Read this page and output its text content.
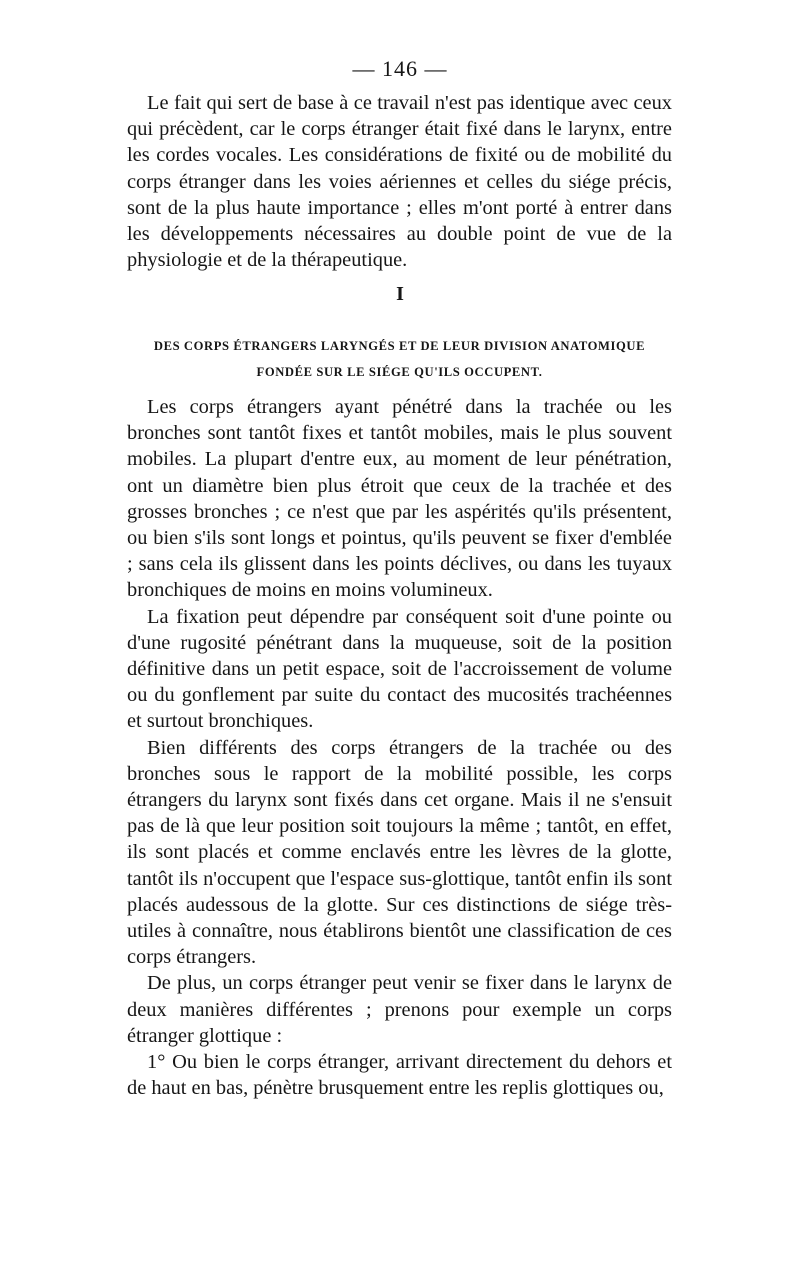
— 146 —

Le fait qui sert de base à ce travail n'est pas identique avec ceux qui précèdent, car le corps étranger était fixé dans le larynx, entre les cordes vocales. Les considérations de fixité ou de mobilité du corps étranger dans les voies aériennes et celles du siége précis, sont de la plus haute importance ; elles m'ont porté à entrer dans les développements nécessaires au double point de vue de la physiologie et de la thérapeutique.

I
DES CORPS ÉTRANGERS LARYNGÉS ET DE LEUR DIVISION ANATOMIQUE
FONDÉE SUR LE SIÉGE QU'ILS OCCUPENT.

Les corps étrangers ayant pénétré dans la trachée ou les bronches sont tantôt fixes et tantôt mobiles, mais le plus souvent mobiles. La plupart d'entre eux, au moment de leur pénétration, ont un diamètre bien plus étroit que ceux de la trachée et des grosses bronches ; ce n'est que par les aspérités qu'ils présentent, ou bien s'ils sont longs et pointus, qu'ils peuvent se fixer d'emblée ; sans cela ils glissent dans les points déclives, ou dans les tuyaux bronchiques de moins en moins volumineux.

La fixation peut dépendre par conséquent soit d'une pointe ou d'une rugosité pénétrant dans la muqueuse, soit de la position définitive dans un petit espace, soit de l'accroissement de volume ou du gonflement par suite du contact des mucosités trachéennes et surtout bronchiques.

Bien différents des corps étrangers de la trachée ou des bronches sous le rapport de la mobilité possible, les corps étrangers du larynx sont fixés dans cet organe. Mais il ne s'ensuit pas de là que leur position soit toujours la même ; tantôt, en effet, ils sont placés et comme enclavés entre les lèvres de la glotte, tantôt ils n'occupent que l'espace sus-glottique, tantôt enfin ils sont placés audessous de la glotte. Sur ces distinctions de siége très-utiles à connaître, nous établirons bientôt une classification de ces corps étrangers.

De plus, un corps étranger peut venir se fixer dans le larynx de deux manières différentes ; prenons pour exemple un corps étranger glottique :

1° Ou bien le corps étranger, arrivant directement du dehors et de haut en bas, pénètre brusquement entre les replis glottiques ou,
